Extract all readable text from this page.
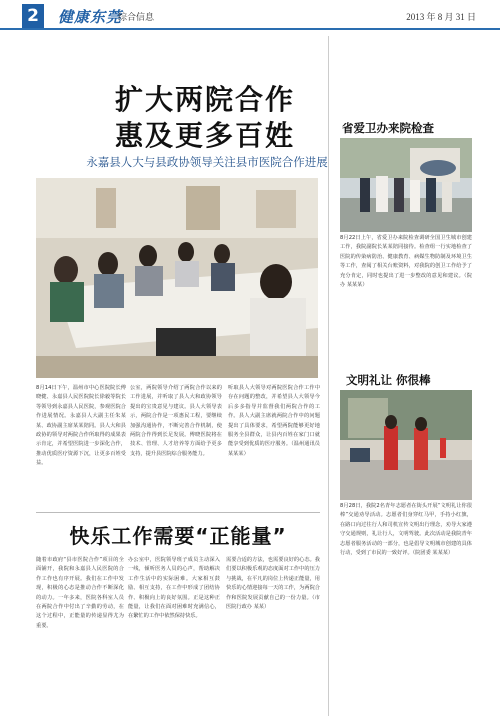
2	健康东莞
综合信息	2013 年 8 月 31 日
扩大两院合作
惠及更多百姓
永嘉县人大与县政协领导关注县市医院合作进展
8月14日下午，温州市中心医院院长傅晓健、永嘉县人民医院院长徐毅等院长等领导到永嘉县人民医院，参观医院合作进展情况。永嘉县人大副主任朱某某、政协副主席某某陪同。县人大和县政协的领导对两院合作所取得的成果表示肯定，并希望医院进一步深化合作，推动优质医疗资源下沉，让更多百姓受益。
公室，两院领导介绍了两院合作以来的工作进展，并听取了县人大和政协领导提出的宝贵意见与建议。县人大领导表示，两院合作是一项惠民工程，要继续加强沟通协作，不断完善合作机制，使两院合作得到长足发展。傅晓医院将在技术、管理、人才培养等方面给予更多支持，提升县医院综合服务能力。
听取县人大领导对两院医院合作工作中存在问题的整改，并希望县人大领导今后多多指导并监督我们两院合作的工作。县人大副主席就两院合作中的问题提出了具体要求，希望两院能够更好地服务全县群众，让县内百姓在家门口就能享受到优质的医疗服务。（温州通讯员 某某某）
快乐工作需要“正能量”
随着市政府“县市医院合作”项目的全面铺开，我院和永嘉县人民医院的合作工作也有序开展。我们在工作中发现，积极的心态是推动合作不断深化的动力。一年多来，医院各科室人员在两院合作中付出了辛勤的劳动，在这个过程中，正能量的传递显得尤为重要。
办公室中，医院领导班子成员主动深入一线，倾听医务人员的心声，帮助解决工作生活中的实际困难。大家相互鼓励、相互支持，在工作中形成了团结协作、积极向上的良好氛围。正是这种正能量，让我们在面对困难时充满信心，在繁忙的工作中依然保持快乐。
需要合适的方法，也需要良好的心态。我们要以积极乐观的态度面对工作中的压力与挑战，在平凡的岗位上传递正能量，用快乐的心情迎接每一天的工作，为两院合作和医院发展贡献自己的一份力量。（市医院行政办 某某）
省爱卫办来院检查
8月22日上午，省爱卫办来院检查调研全国卫生城市创建工作，我院副院长某某陪同接待。检查组一行实地检查了医院的传染病防治、健康教育、病媒生物防制及环境卫生等工作，查阅了相关台账资料，对我院的创卫工作给予了充分肯定，同时也提出了进一步整改的意见和建议。（院办 某某某）
文明礼让 你很棒
8月28日，我院2名青年志愿者在街头开展“文明礼让你很棒”交通劝导活动。志愿者们身穿红马甲，手持小红旗，在路口向过往行人和司机宣传文明出行理念，劝导大家遵守交通规则，礼让行人，文明驾驶。此次活动是我院青年志愿者服务活动的一部分，也是倡导文明城市创建的具体行动，受到了市民的一致好评。（院团委 某某某）
